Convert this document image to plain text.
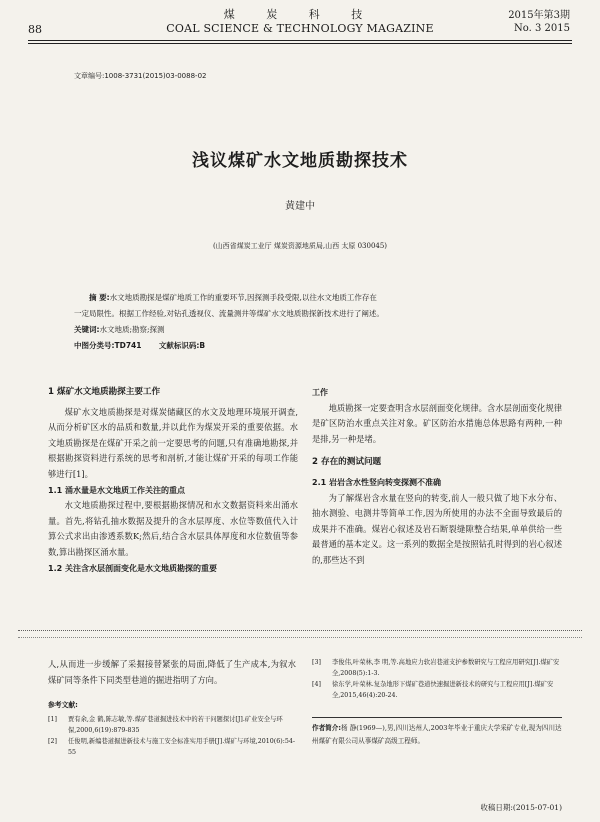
煤 炭 科 技	2015年第3期
88	COAL SCIENCE & TECHNOLOGY MAGAZINE	No. 3 2015
文章编号:1008-3731(2015)03-0088-02
浅议煤矿水文地质勘探技术
黄建中
(山西省煤炭工业厅 煤炭资源地质局,山西 太原 030045)
摘 要:水文地质勘探是煤矿地质工作的重要环节,因探测手段受限,以往水文地质工作存在
一定局限性。根据工作经验,对钻孔透视仪、流量测井等煤矿水文地质勘探新技术进行了阐述。
关键词:水文地质;勘察;探测
中图分类号:TD741    文献标识码:B
1 煤矿水文地质勘探主要工作

煤矿水文地质勘探是对煤炭储藏区的水文及地理环境展开调查,从而分析矿区水的品质和数量,并以此作为煤炭开采的重要依据。水文地质勘探是在煤矿开采之前一定要思考的问题,只有准确地勘探,并根据勘探资料进行系统的思考和剖析,才能让煤矿开采的每项工作能够进行[1]。

1.1 涌水量是水文地质工作关注的重点

水文地质勘探过程中,要根据勘探情况和水文数据资料来出涌水量。首先,将钻孔抽水数据及提升的含水层厚度、水位等数值代入计算公式求出由渗透系数K;然后,结合含水层具体厚度和水位数值等参数,算出勘探区涌水量。

1.2 关注含水层剖面变化是水文地质勘探的重要
工作

地质勘探一定要查明含水层剖面变化规律。含水层剖面变化规律是矿区防治水重点关注对象。矿区防治水措施总体思路有两种,一种是排,另一种是堵。

2 存在的测试问题
2.1 岩岩含水性竖向转变探测不准确

为了解煤岩含水量在竖向的转变,前人一般只做了地下水分布、抽水测验、电测井等简单工作,因为所使用的办法不全面导致最后的成果并不准确。煤岩心叙述及岩石断裂缝隙整合结果,单单供给一些最普通的基本定义。这一系列的数据全是按照钻孔时得到的岩心叙述的,那些达不到

人,从而进一步缓解了采掘接替紧张的局面,降低了生产成本,为叙水煤矿同等条件下同类型巷道的掘进指明了方向。

参考文献:
[1]	贾有余,金 鹤,陈志敏,等.煤矿巷道掘进技术中的若干问题探讨[J].矿业安全与环保,2000,6(19):879-835
[2]	任俊明,新编巷道掘进新技术与施工安全标准实用手册[J].煤矿与环境,2010(6):54-55
[3]	李俊伟,叶荣林,李 明,等.高地应力软岩巷道支护参数研究与工程应用研究[J].煤矿安全,2008(5):1-3.
[4]	徐东学,叶荣林.复杂地形下煤矿巷道快速掘进新技术的研究与工程应用[J].煤矿安全,2015,46(4):20-24.
作者简介:杨 静(1969—),男,四川达州人,2003年毕业于重庆大学采矿专业,现为四川达州煤矿有限公司从事煤矿高级工程师。
收稿日期:(2015-07-01)
